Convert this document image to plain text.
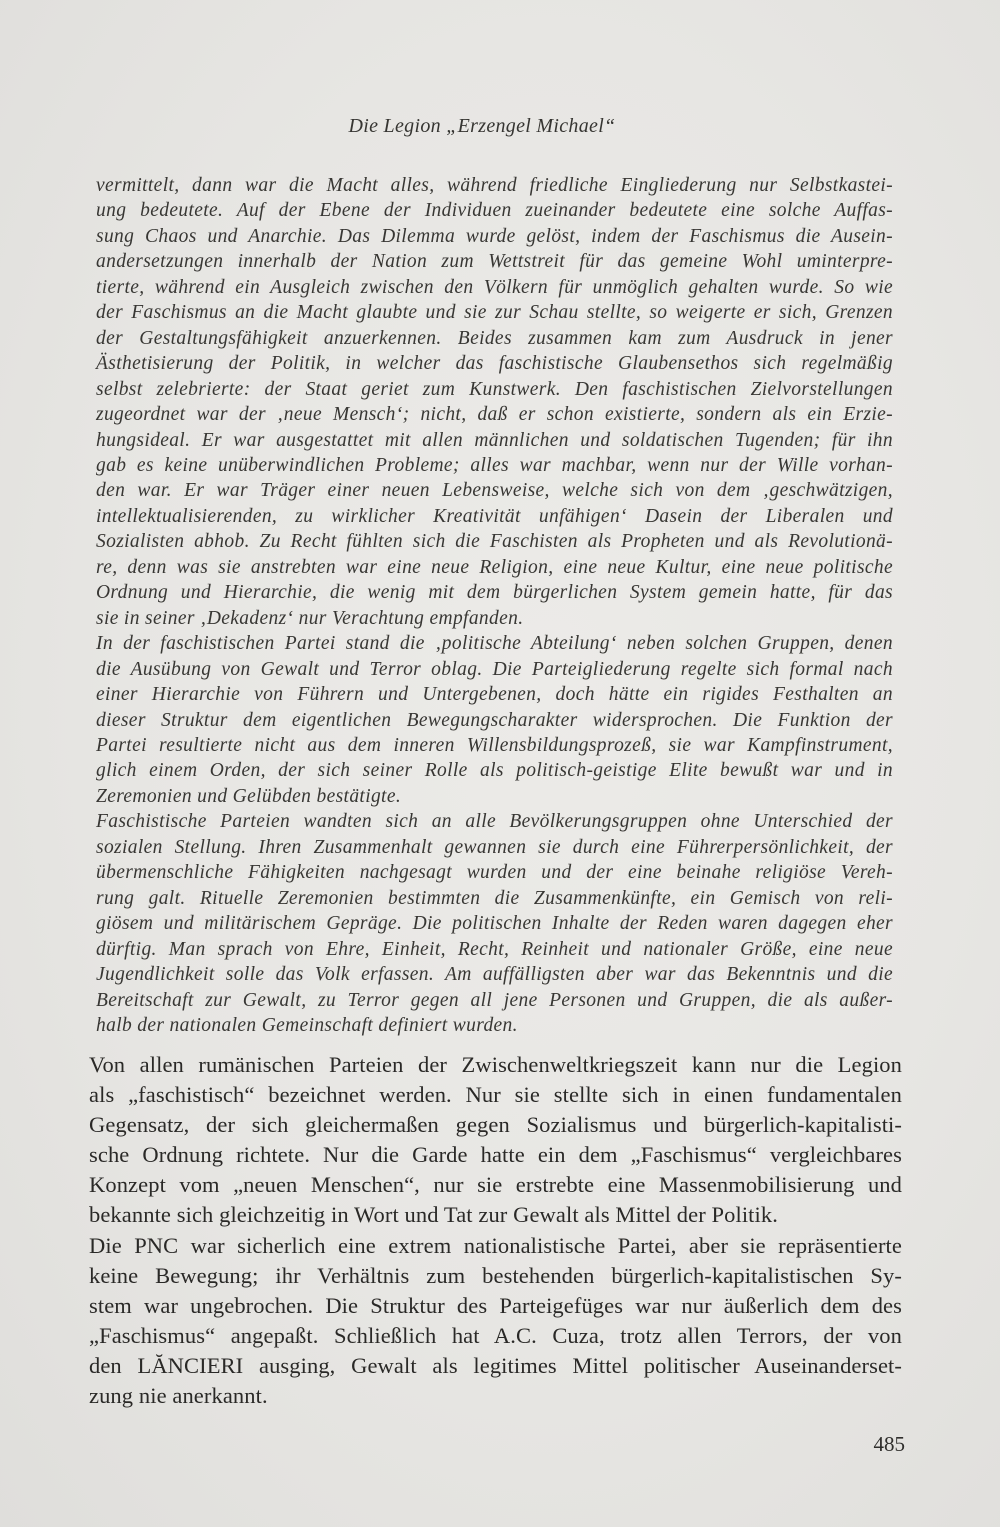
Die Legion „Erzengel Michael“
vermittelt, dann war die Macht alles, während friedliche Eingliederung nur Selbstkastei-
ung bedeutete. Auf der Ebene der Individuen zueinander bedeutete eine solche Auffas-
sung Chaos und Anarchie. Das Dilemma wurde gelöst, indem der Faschismus die Ausein-
andersetzungen innerhalb der Nation zum Wettstreit für das gemeine Wohl uminterpre-
tierte, während ein Ausgleich zwischen den Völkern für unmöglich gehalten wurde. So wie
der Faschismus an die Macht glaubte und sie zur Schau stellte, so weigerte er sich, Grenzen
der Gestaltungsfähigkeit anzuerkennen. Beides zusammen kam zum Ausdruck in jener
Ästhetisierung der Politik, in welcher das faschistische Glaubensethos sich regelmäßig
selbst zelebrierte: der Staat geriet zum Kunstwerk. Den faschistischen Zielvorstellungen
zugeordnet war der ‚neue Mensch‘; nicht, daß er schon existierte, sondern als ein Erzie-
hungsideal. Er war ausgestattet mit allen männlichen und soldatischen Tugenden; für ihn
gab es keine unüberwindlichen Probleme; alles war machbar, wenn nur der Wille vorhan-
den war. Er war Träger einer neuen Lebensweise, welche sich von dem ‚geschwätzigen,
intellektualisierenden, zu wirklicher Kreativität unfähigen‘ Dasein der Liberalen und
Sozialisten abhob. Zu Recht fühlten sich die Faschisten als Propheten und als Revolutionä-
re, denn was sie anstrebten war eine neue Religion, eine neue Kultur, eine neue politische
Ordnung und Hierarchie, die wenig mit dem bürgerlichen System gemein hatte, für das
sie in seiner ‚Dekadenz‘ nur Verachtung empfanden.
In der faschistischen Partei stand die ‚politische Abteilung‘ neben solchen Gruppen, denen
die Ausübung von Gewalt und Terror oblag. Die Parteigliederung regelte sich formal nach
einer Hierarchie von Führern und Untergebenen, doch hätte ein rigides Festhalten an
dieser Struktur dem eigentlichen Bewegungscharakter widersprochen. Die Funktion der
Partei resultierte nicht aus dem inneren Willensbildungsprozeß, sie war Kampfinstrument,
glich einem Orden, der sich seiner Rolle als politisch-geistige Elite bewußt war und in
Zeremonien und Gelübden bestätigte.
Faschistische Parteien wandten sich an alle Bevölkerungsgruppen ohne Unterschied der
sozialen Stellung. Ihren Zusammenhalt gewannen sie durch eine Führerpersönlichkeit, der
übermenschliche Fähigkeiten nachgesagt wurden und der eine beinahe religiöse Vereh-
rung galt. Rituelle Zeremonien bestimmten die Zusammenkünfte, ein Gemisch von reli-
giösem und militärischem Gepräge. Die politischen Inhalte der Reden waren dagegen eher
dürftig. Man sprach von Ehre, Einheit, Recht, Reinheit und nationaler Größe, eine neue
Jugendlichkeit solle das Volk erfassen. Am auffälligsten aber war das Bekenntnis und die
Bereitschaft zur Gewalt, zu Terror gegen all jene Personen und Gruppen, die als außer-
halb der nationalen Gemeinschaft definiert wurden.
Von allen rumänischen Parteien der Zwischenweltkriegszeit kann nur die Legion
als „faschistisch“ bezeichnet werden. Nur sie stellte sich in einen fundamentalen
Gegensatz, der sich gleichermaßen gegen Sozialismus und bürgerlich-kapitalisti-
sche Ordnung richtete. Nur die Garde hatte ein dem „Faschismus“ vergleichbares
Konzept vom „neuen Menschen“, nur sie erstrebte eine Massenmobilisierung und
bekannte sich gleichzeitig in Wort und Tat zur Gewalt als Mittel der Politik.
Die PNC war sicherlich eine extrem nationalistische Partei, aber sie repräsentierte
keine Bewegung; ihr Verhältnis zum bestehenden bürgerlich-kapitalistischen Sy-
stem war ungebrochen. Die Struktur des Parteigefüges war nur äußerlich dem des
„Faschismus“ angepaßt. Schließlich hat A.C. Cuza, trotz allen Terrors, der von
den LĂNCIERI ausging, Gewalt als legitimes Mittel politischer Auseinanderset-
zung nie anerkannt.
485
